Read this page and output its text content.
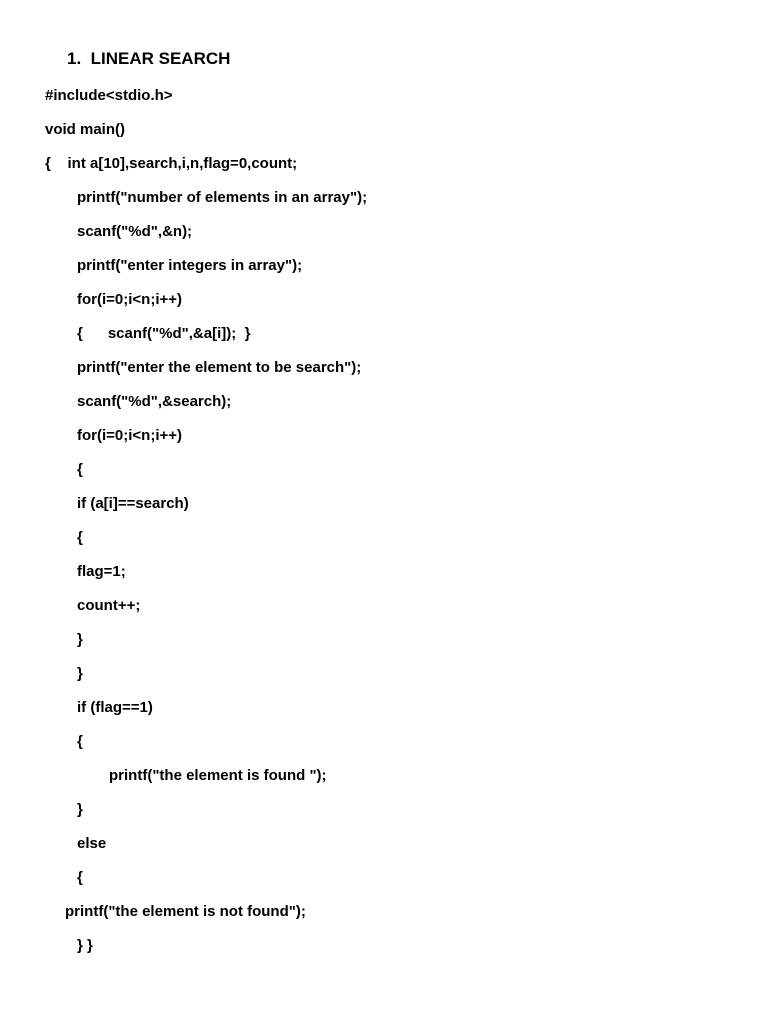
1.  LINEAR SEARCH
#include<stdio.h>
void main()
{    int a[10],search,i,n,flag=0,count;
printf("number of elements in an array");
scanf("%d",&n);
printf("enter integers in array");
for(i=0;i<n;i++)
{      scanf("%d",&a[i]);  }
printf("enter the element to be search");
scanf("%d",&search);
for(i=0;i<n;i++)
{
if (a[i]==search)
{
flag=1;
count++;
}
}
if (flag==1)
{
printf("the element is found ");
}
else
{
printf("the element is not found");
} }
